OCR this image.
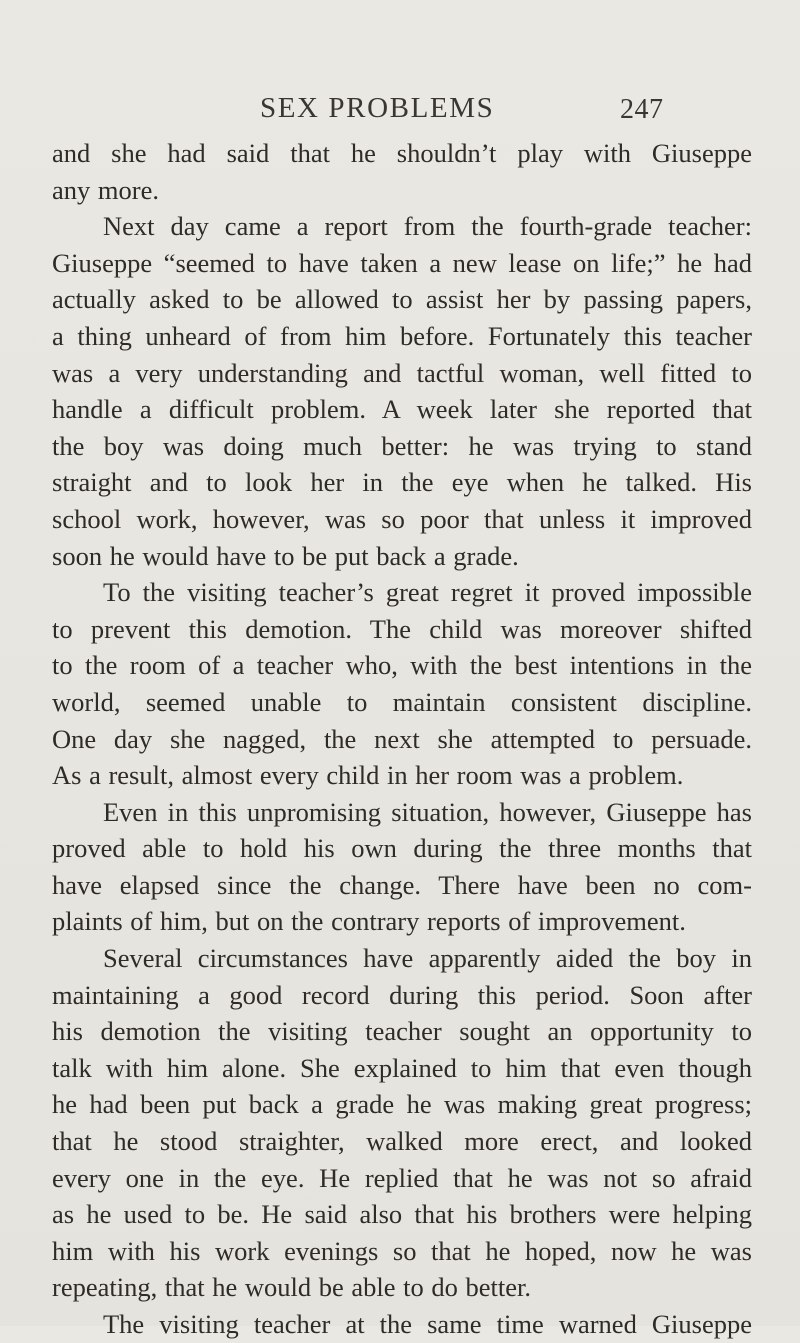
SEX PROBLEMS	247
and she had said that he shouldn’t play with Giuseppe
any more.
Next day came a report from the fourth-grade teacher:
Giuseppe “seemed to have taken a new lease on life;” he had
actually asked to be allowed to assist her by passing papers,
a thing unheard of from him before. Fortunately this teacher
was a very understanding and tactful woman, well fitted to
handle a difficult problem. A week later she reported that
the boy was doing much better: he was trying to stand
straight and to look her in the eye when he talked. His
school work, however, was so poor that unless it improved
soon he would have to be put back a grade.
To the visiting teacher’s great regret it proved impossible
to prevent this demotion. The child was moreover shifted
to the room of a teacher who, with the best intentions in the
world, seemed unable to maintain consistent discipline.
One day she nagged, the next she attempted to persuade.
As a result, almost every child in her room was a problem.
Even in this unpromising situation, however, Giuseppe has
proved able to hold his own during the three months that
have elapsed since the change. There have been no com-
plaints of him, but on the contrary reports of improvement.
Several circumstances have apparently aided the boy in
maintaining a good record during this period. Soon after
his demotion the visiting teacher sought an opportunity to
talk with him alone. She explained to him that even though
he had been put back a grade he was making great progress;
that he stood straighter, walked more erect, and looked
every one in the eye. He replied that he was not so afraid
as he used to be. He said also that his brothers were helping
him with his work evenings so that he hoped, now he was
repeating, that he would be able to do better.
The visiting teacher at the same time warned Giuseppe
